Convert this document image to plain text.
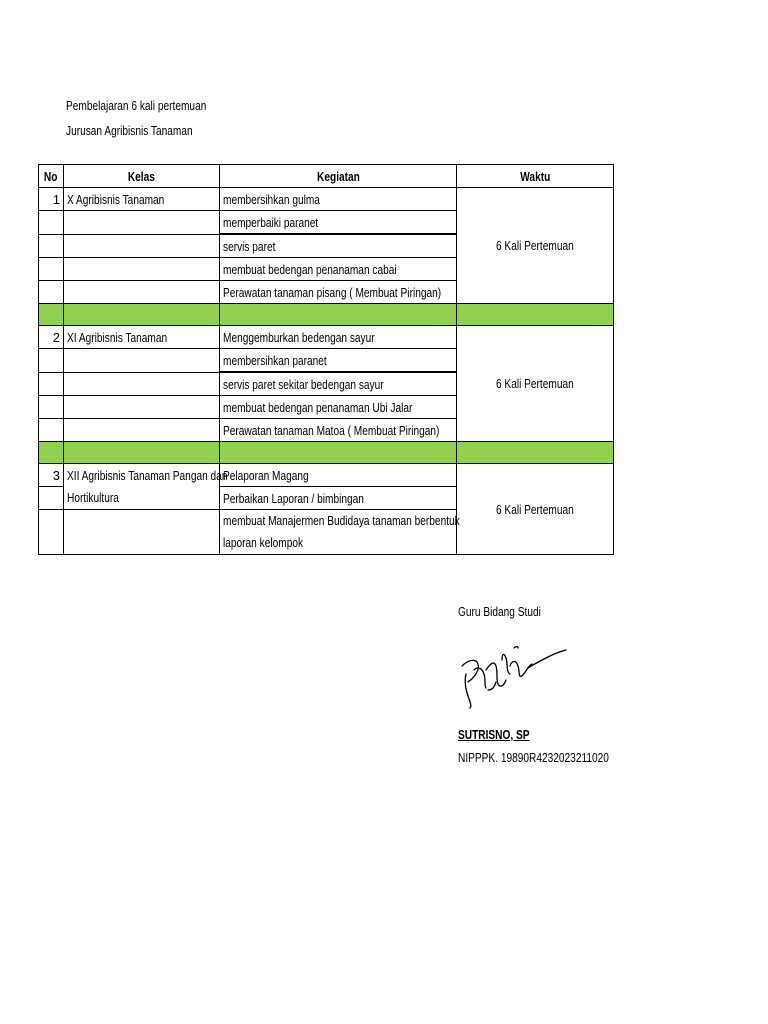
Pembelajaran 6 kali pertemuan
Jurusan Agribisnis Tanaman
No	Kelas	Kegiatan	Waktu
1	X Agribisnis Tanaman	membersihkan gulma	6 Kali Pertemuan
		memperbaiki paranet	
		servis paret	
		membuat bedengan penanaman cabai	
		Perawatan tanaman pisang ( Membuat Piringan)	

2	XI Agribisnis Tanaman	Menggemburkan bedengan sayur	6 Kali Pertemuan
		membersihkan paranet	
		servis paret sekitar bedengan sayur	
		membuat bedengan penanaman Ubi Jalar	
		Perawatan tanaman Matoa ( Membuat Piringan)	

3	XII Agribisnis Tanaman Pangan dan	Pelaporan Magang	6 Kali Pertemuan
	Hortikultura	Perbaikan Laporan / bimbingan	

		membuat Manajermen Budidaya tanaman berbentuk
laporan kelompok	
Guru Bidang Studi
SUTRISNO, SP
NIPPPK. 19890R4232023211020
